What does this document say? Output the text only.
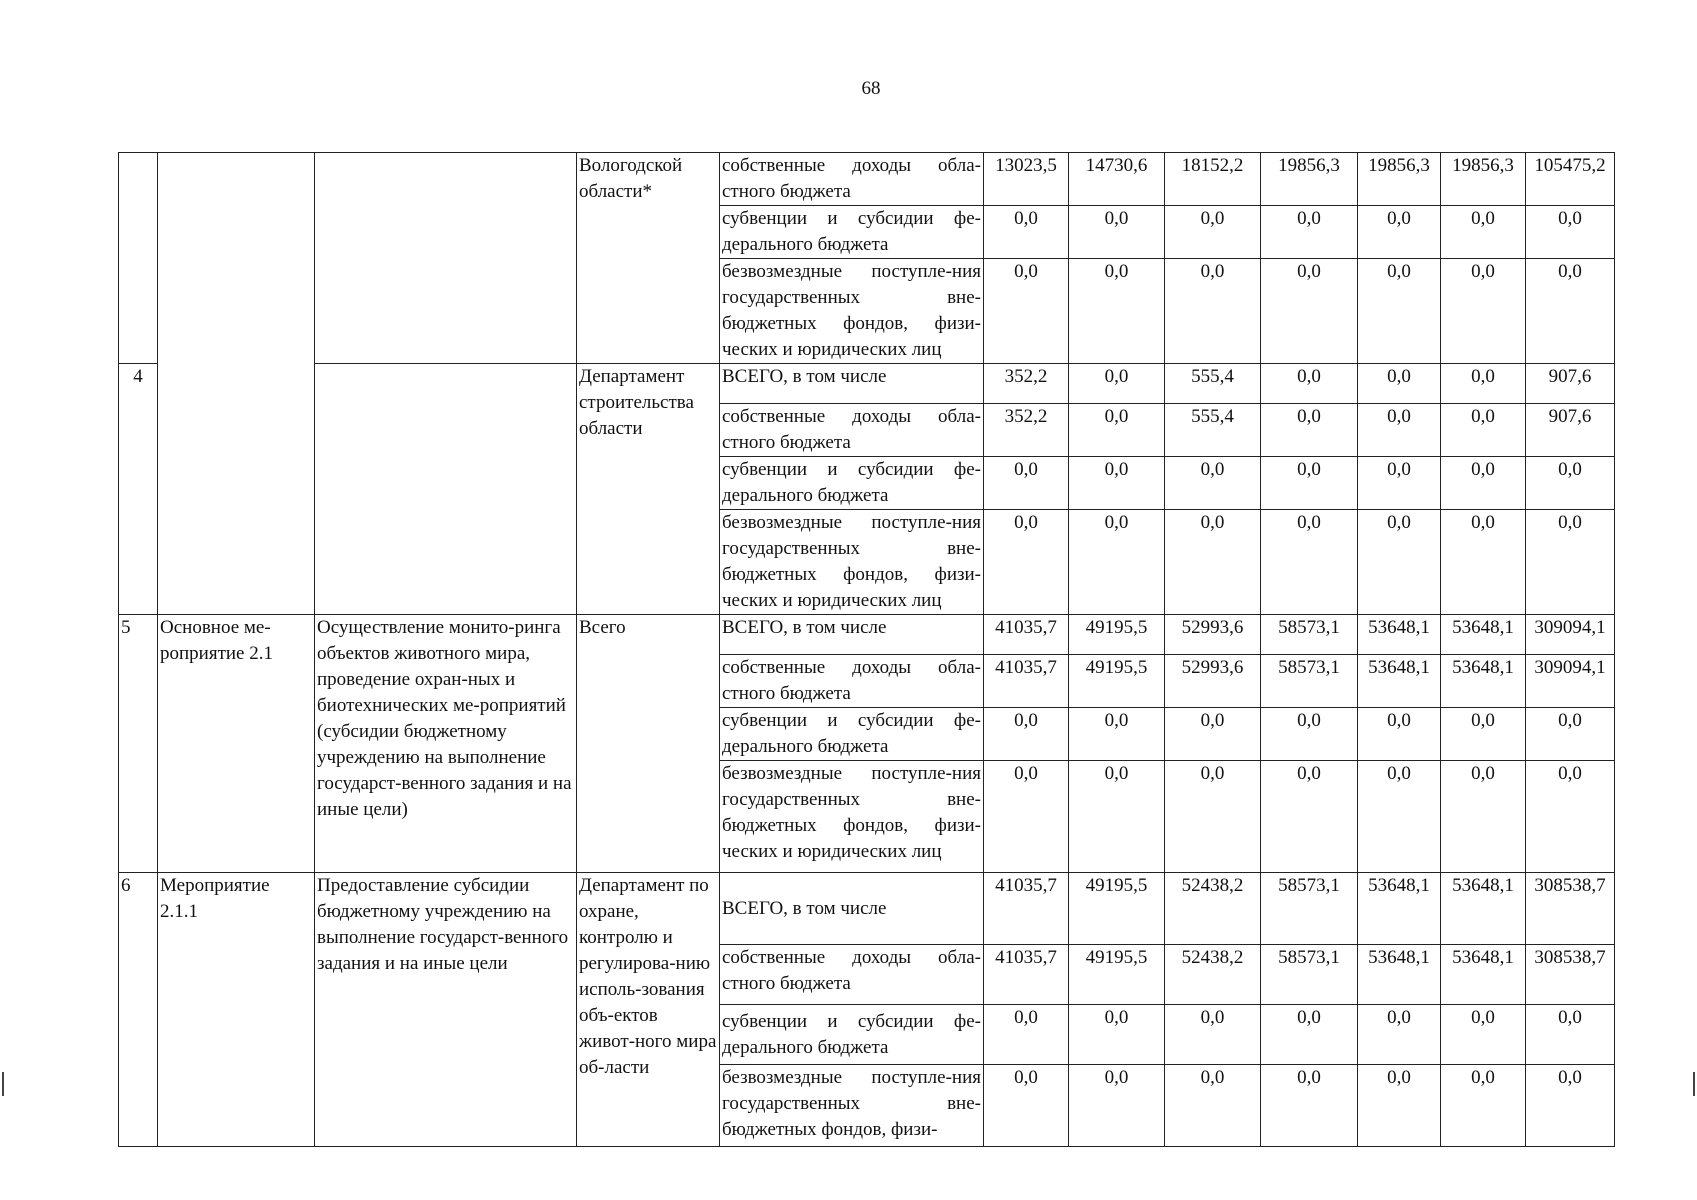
68
			Вологодской области*	собственные доходы обла-стного бюджета	13023,5	14730,6	18152,2	19856,3	19856,3	19856,3	105475,2
				субвенции и субсидии фе-дерального бюджета	0,0	0,0	0,0	0,0	0,0	0,0	0,0
				безвозмездные поступле-ния государственных вне-бюджетных фондов, физи-ческих и юридических лиц	0,0	0,0	0,0	0,0	0,0	0,0	0,0
4			Департамент строительства области	ВСЕГО, в том числе	352,2	0,0	555,4	0,0	0,0	0,0	907,6
				собственные доходы обла-стного бюджета	352,2	0,0	555,4	0,0	0,0	0,0	907,6
				субвенции и субсидии фе-дерального бюджета	0,0	0,0	0,0	0,0	0,0	0,0	0,0
				безвозмездные поступле-ния государственных вне-бюджетных фондов, физи-ческих и юридических лиц	0,0	0,0	0,0	0,0	0,0	0,0	0,0
5	Основное ме-роприятие 2.1	Осуществление монито-ринга объектов животного мира, проведение охран-ных и биотехнических ме-роприятий (субсидии бюджетному учреждению на выполнение государст-венного задания и на иные цели)	Всего	ВСЕГО, в том числе	41035,7	49195,5	52993,6	58573,1	53648,1	53648,1	309094,1
				собственные доходы обла-стного бюджета	41035,7	49195,5	52993,6	58573,1	53648,1	53648,1	309094,1
				субвенции и субсидии фе-дерального бюджета	0,0	0,0	0,0	0,0	0,0	0,0	0,0
				безвозмездные поступле-ния государственных вне-бюджетных фондов, физи-ческих и юридических лиц	0,0	0,0	0,0	0,0	0,0	0,0	0,0
6	Мероприятие 2.1.1	Предоставление субсидии бюджетному учреждению на выполнение государст-венного задания и на иные цели	Департамент по охране, контролю и регулирова-нию исполь-зования объ-ектов живот-ного мира об-ласти	ВСЕГО, в том числе	41035,7	49195,5	52438,2	58573,1	53648,1	53648,1	308538,7
				собственные доходы обла-стного бюджета	41035,7	49195,5	52438,2	58573,1	53648,1	53648,1	308538,7
				субвенции и субсидии фе-дерального бюджета	0,0	0,0	0,0	0,0	0,0	0,0	0,0
				безвозмездные поступле-ния государственных вне-бюджетных фондов, физи-	0,0	0,0	0,0	0,0	0,0	0,0	0,0
